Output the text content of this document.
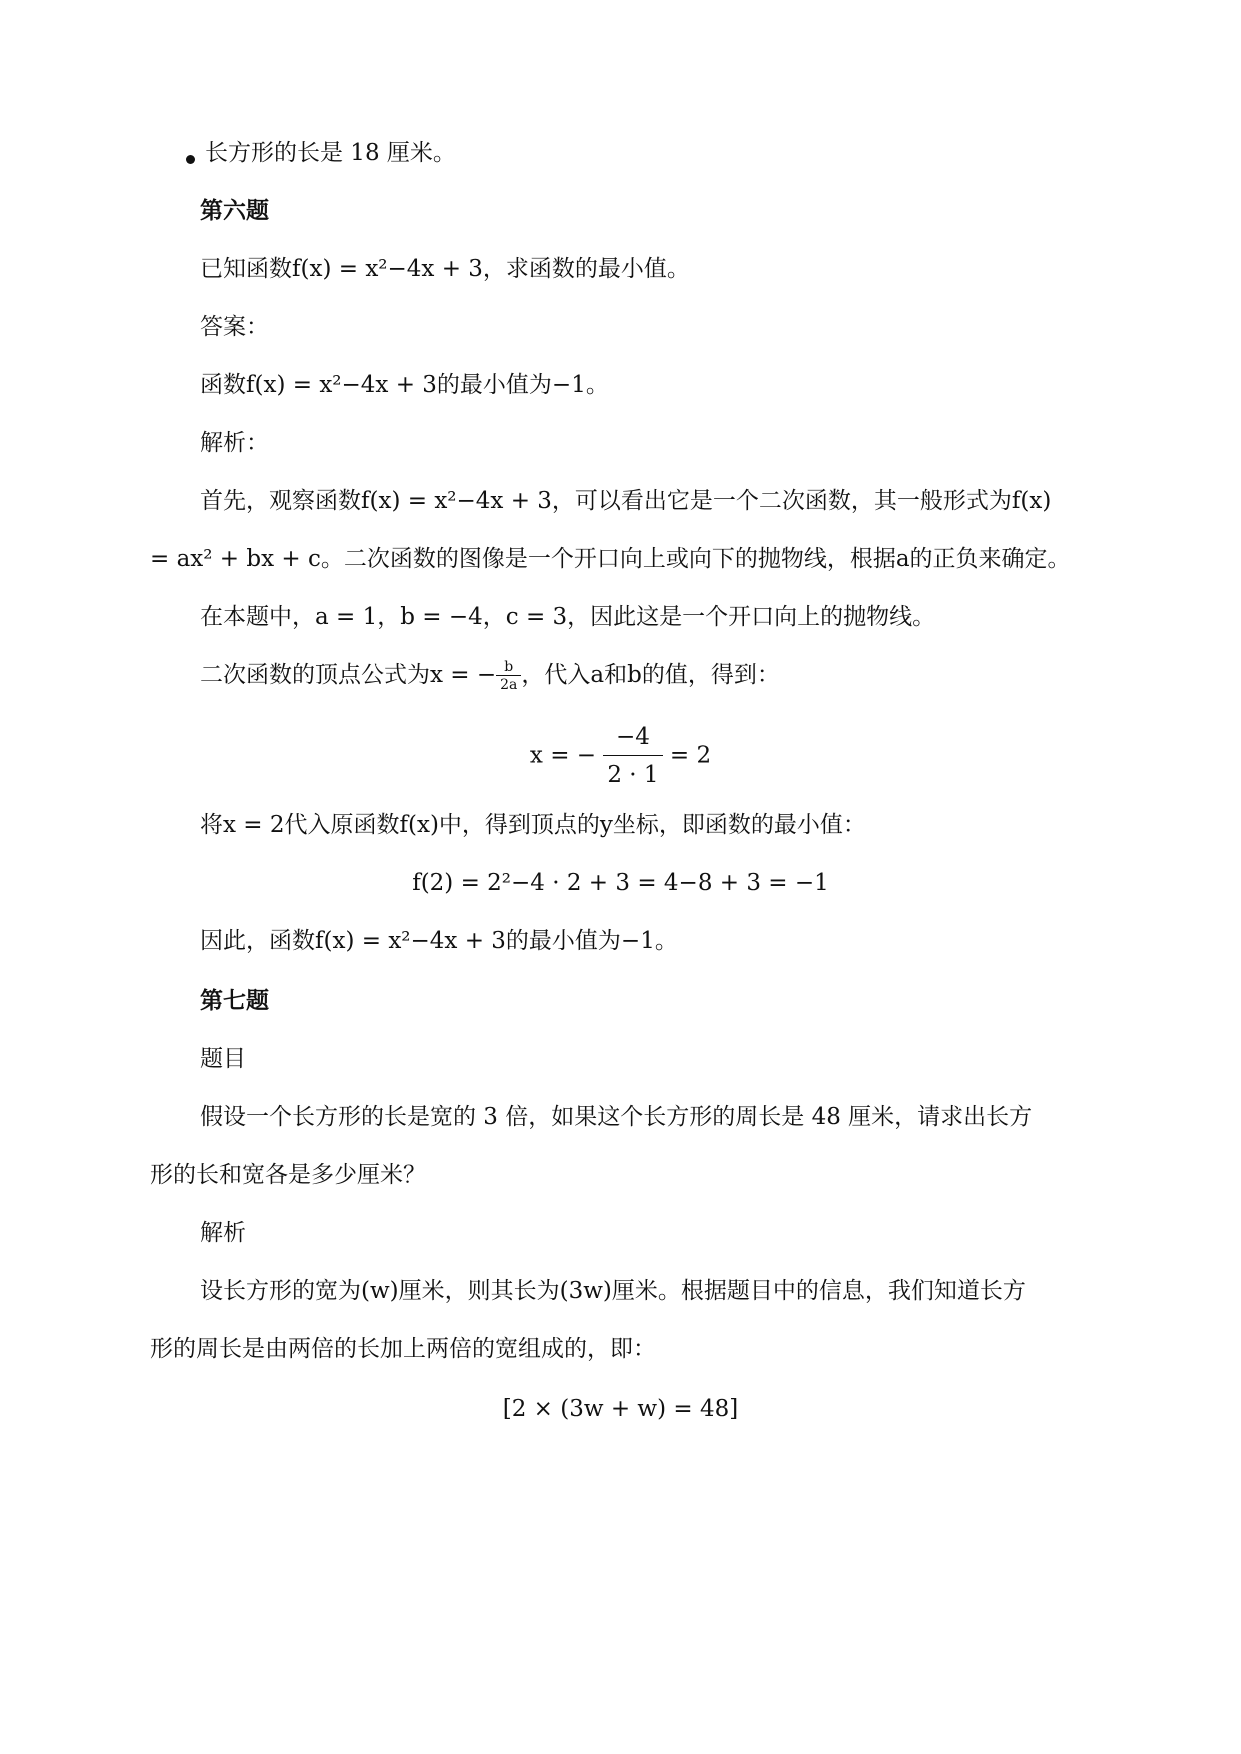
长方形的长是 18 厘米。
第六题
已知函数f(x) = x²−4x + 3，求函数的最小值。
答案：
函数f(x) = x²−4x + 3的最小值为−1。
解析：
首先，观察函数f(x) = x²−4x + 3，可以看出它是一个二次函数，其一般形式为f(x)
= ax² + bx + c。二次函数的图像是一个开口向上或向下的抛物线，根据a的正负来确定。
在本题中，a = 1，b = −4，c = 3，因此这是一个开口向上的抛物线。
二次函数的顶点公式为x = − $\frac{b}{2a}$ ，代入a和b的值，得到：
x = − $\frac{-4}{2 \cdot 1} = 2$
将x = 2代入原函数f(x)中，得到顶点的y坐标，即函数的最小值：
f(2) = 2²−4 · 2 + 3 = 4−8 + 3 = −1
因此，函数f(x) = x²−4x + 3的最小值为−1。
第七题
题目
假设一个长方形的长是宽的 3 倍，如果这个长方形的周长是 48 厘米，请求出长方
形的长和宽各是多少厘米？
解析
设长方形的宽为(w)厘米，则其长为(3w)厘米。根据题目中的信息，我们知道长方
形的周长是由两倍的长加上两倍的宽组成的，即：
[2 × (3w + w) = 48]
